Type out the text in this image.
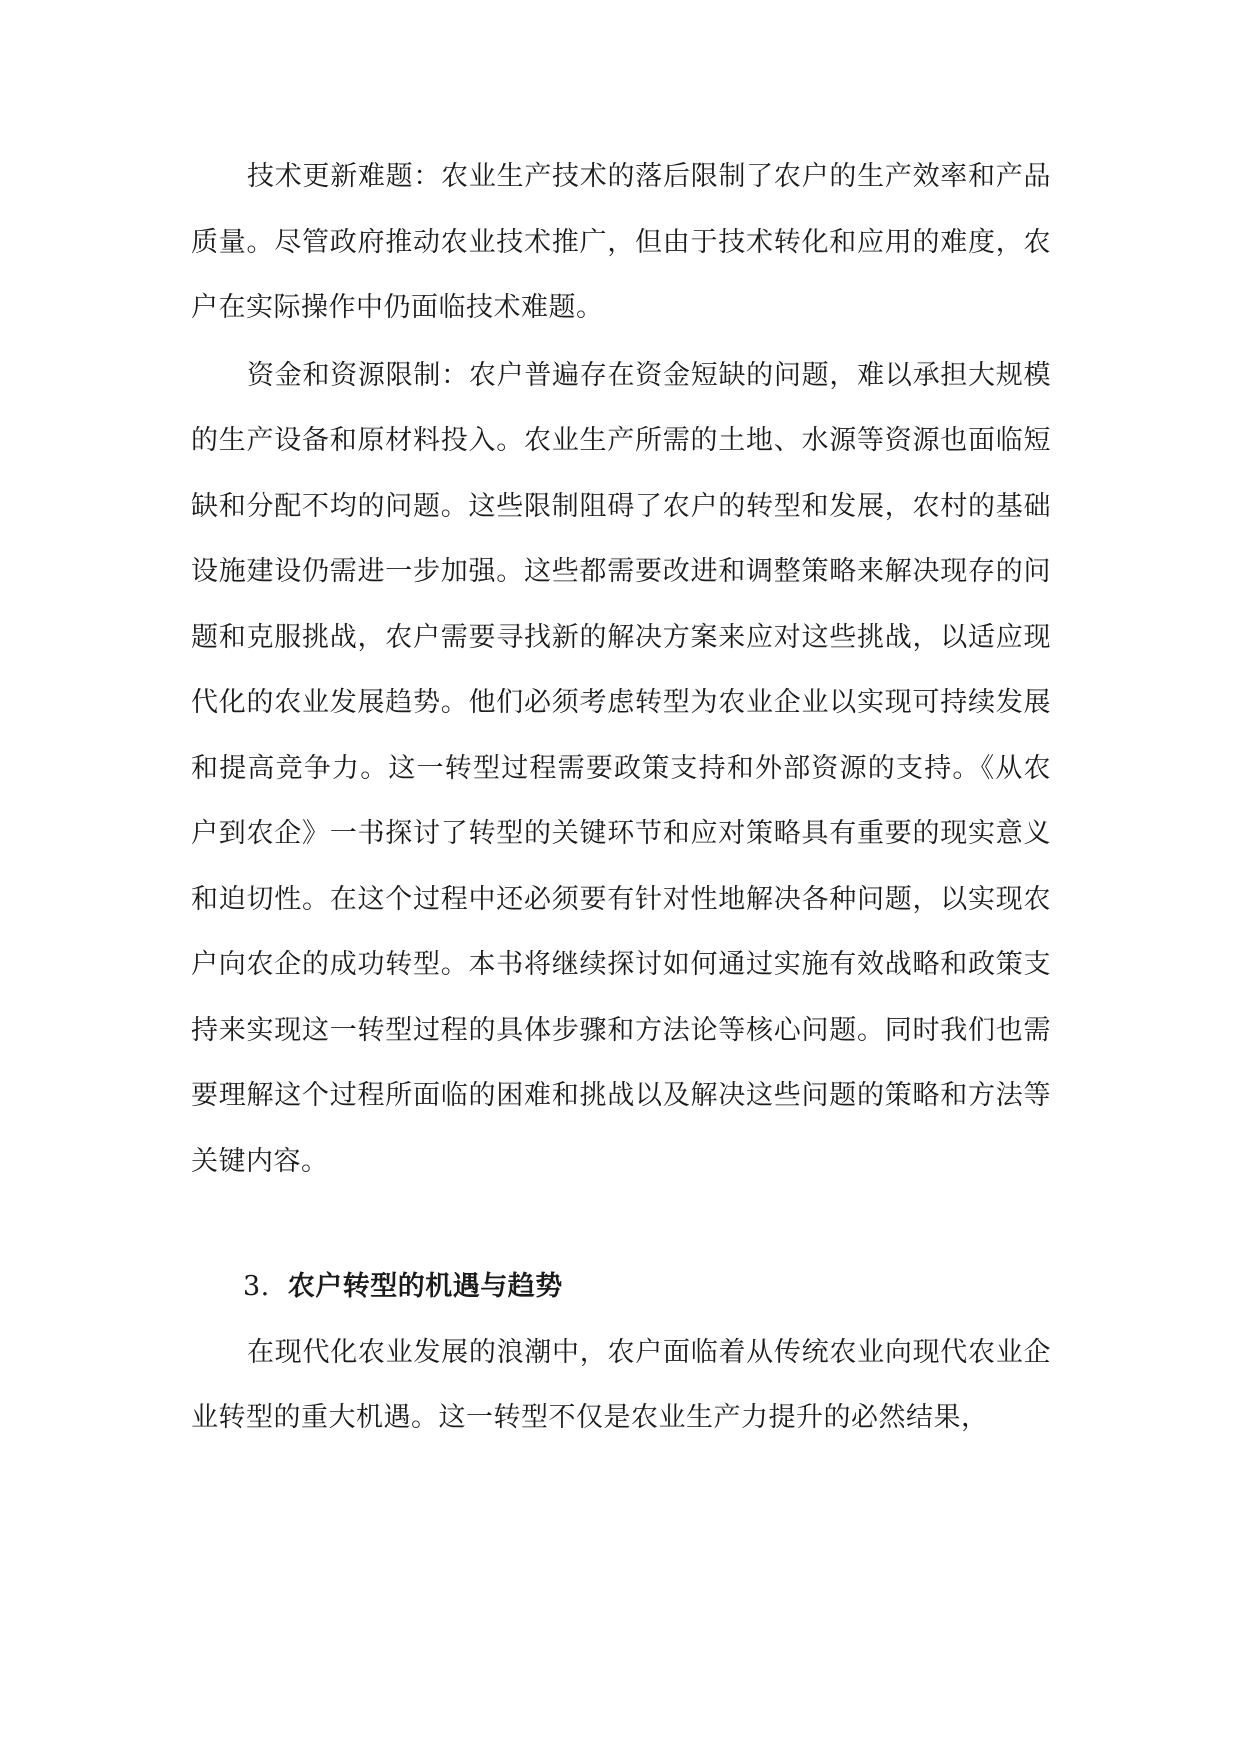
技术更新难题：农业生产技术的落后限制了农户的生产效率和产品质量。尽管政府推动农业技术推广，但由于技术转化和应用的难度，农户在实际操作中仍面临技术难题。

资金和资源限制：农户普遍存在资金短缺的问题，难以承担大规模的生产设备和原材料投入。农业生产所需的土地、水源等资源也面临短缺和分配不均的问题。这些限制阻碍了农户的转型和发展，农村的基础设施建设仍需进一步加强。这些都需要改进和调整策略来解决现存的问题和克服挑战，农户需要寻找新的解决方案来应对这些挑战，以适应现代化的农业发展趋势。他们必须考虑转型为农业企业以实现可持续发展和提高竞争力。这一转型过程需要政策支持和外部资源的支持。《从农户到农企》一书探讨了转型的关键环节和应对策略具有重要的现实意义和迫切性。在这个过程中还必须要有针对性地解决各种问题，以实现农户向农企的成功转型。本书将继续探讨如何通过实施有效战略和政策支持来实现这一转型过程的具体步骤和方法论等核心问题。同时我们也需要理解这个过程所面临的困难和挑战以及解决这些问题的策略和方法等关键内容。

3. 农户转型的机遇与趋势

在现代化农业发展的浪潮中，农户面临着从传统农业向现代农业企业转型的重大机遇。这一转型不仅是农业生产力提升的必然结果，
